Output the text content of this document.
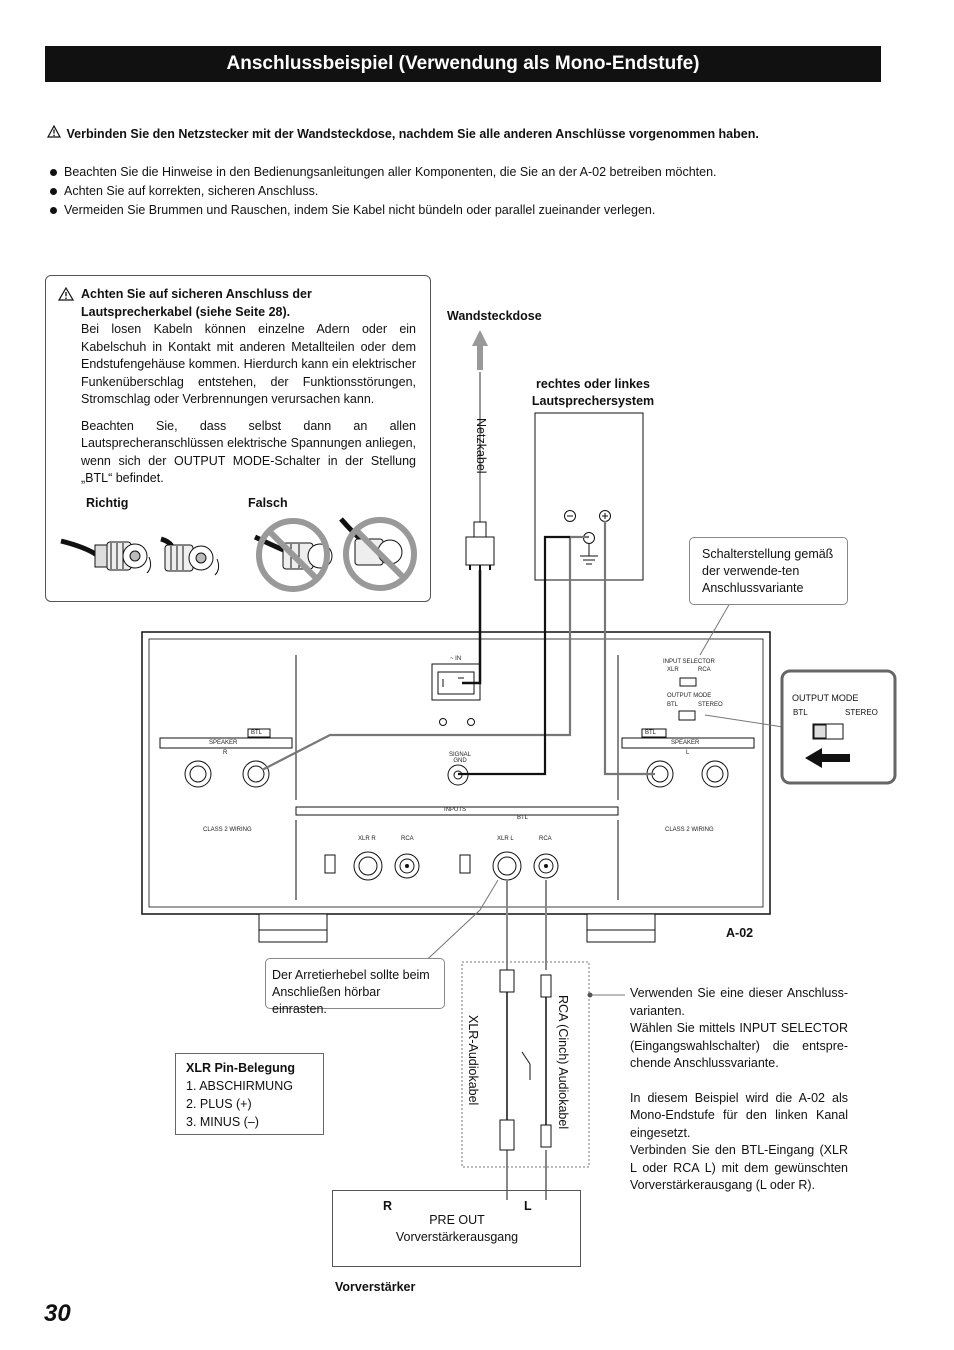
Anschlussbeispiel (Verwendung als Mono-Endstufe)
Verbinden Sie den Netzstecker mit der Wandsteckdose, nachdem Sie alle anderen Anschlüsse vorgenommen haben.
Beachten Sie die Hinweise in den Bedienungsanleitungen aller Komponenten, die Sie an der A-02 betreiben möchten.
Achten Sie auf korrekten, sicheren Anschluss.
Vermeiden Sie Brummen und Rauschen, indem Sie Kabel nicht bündeln oder parallel zueinander verlegen.
Achten Sie auf sicheren Anschluss der Lautsprecherkabel (siehe Seite 28).
Bei losen Kabeln können einzelne Adern oder ein Kabelschuh in Kontakt mit anderen Metallteilen oder dem Endstufengehäuse kommen. Hierdurch kann ein elektrischer Funkenüberschlag entstehen, der Funktionsstörungen, Stromschlag oder Verbrennungen verursachen kann.
Beachten Sie, dass selbst dann an allen Lautsprecheranschlüssen elektrische Spannungen anliegen, wenn sich der OUTPUT MODE-Schalter in der Stellung „BTL“ befindet.
Richtig	Falsch
Wandsteckdose
Netzkabel
rechtes oder linkes Lautsprechersystem
Schalterstellung gemäß der verwende-ten Anschlussvariante
Der Arretierhebel sollte beim Anschließen hörbar einrasten.
A-02
XLR-Audiokabel	RCA (Cinch) Audiokabel
OUTPUT MODE
BTL	STEREO
~ IN	INPUT SELECTOR
XLR	RCA
OUTPUT MODE
BTL	STEREO
BTL	BTL
SPEAKER	SPEAKER
R	L
SIGNAL GND
INPUTS
CLASS 2 WIRING	CLASS 2 WIRING
XLR R	RCA	XLR L	RCA
BTL
XLR Pin-Belegung
1. ABSCHIRMUNG
2. PLUS (+)
3. MINUS (–)
Verwenden Sie eine dieser Anschluss-varianten.
Wählen Sie mittels INPUT SELECTOR (Eingangswahlschalter) die entspre-chende Anschlussvariante.
In diesem Beispiel wird die A-02 als Mono-Endstufe für den linken Kanal eingesetzt.
Verbinden Sie den BTL-Eingang (XLR L oder RCA L) mit dem gewünschten Vorverstärkerausgang (L oder R).
R	L
PRE OUT
Vorverstärkerausgang
Vorverstärker
30
